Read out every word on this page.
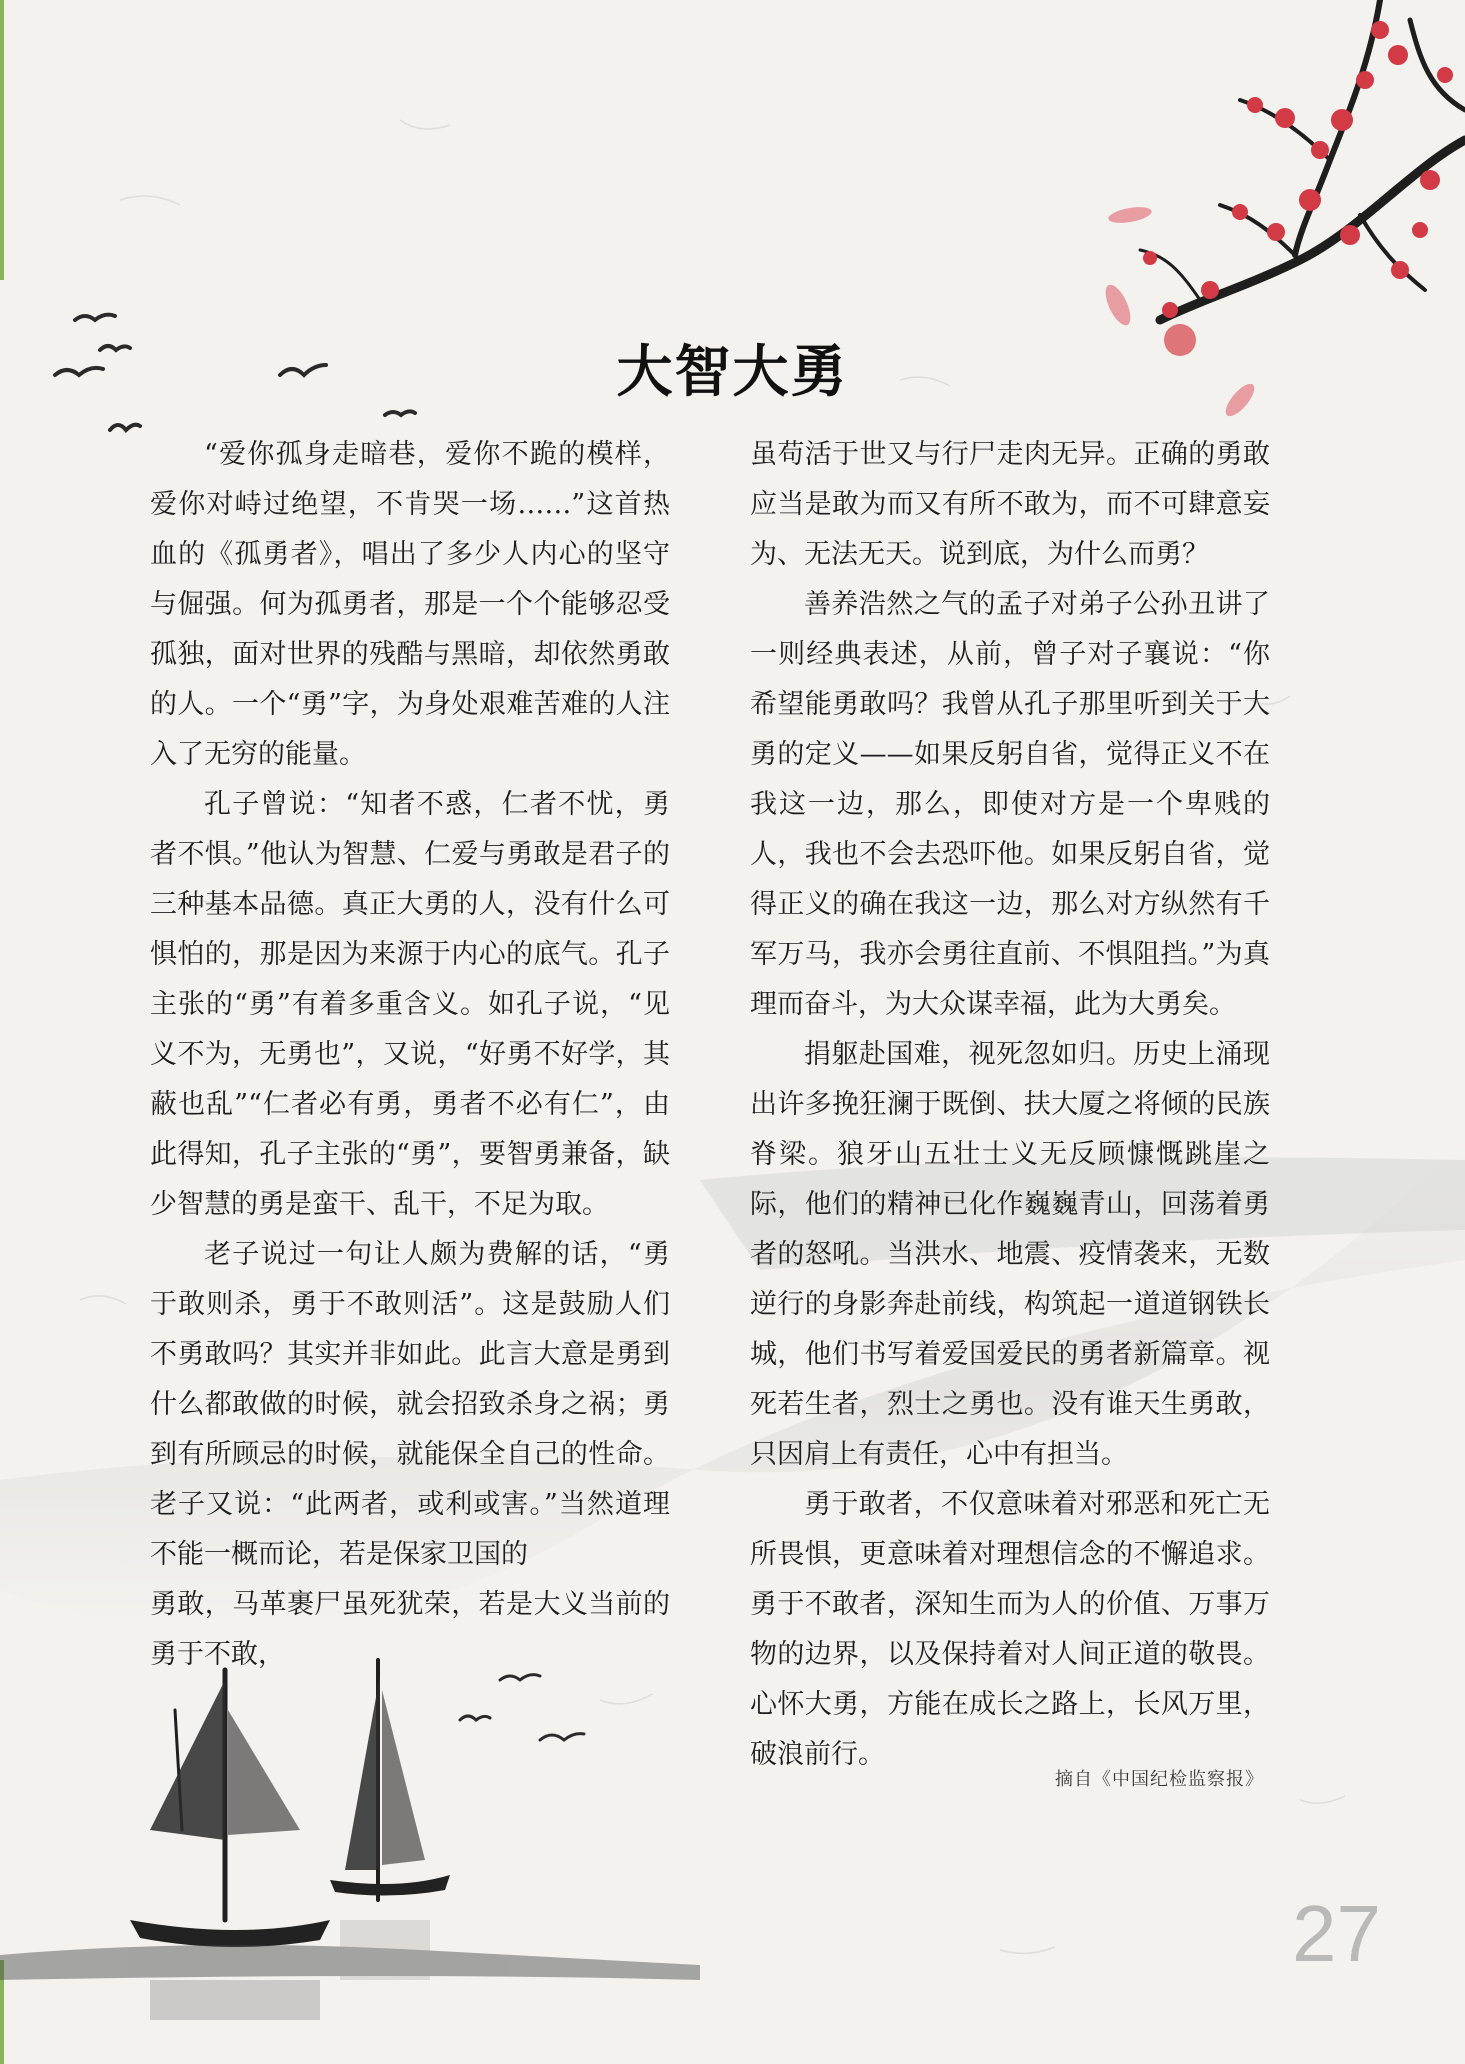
大智大勇

“爱你孤身走暗巷，爱你不跪的模样，爱你对峙过绝望，不肯哭一场……”这首热血的《孤勇者》，唱出了多少人内心的坚守与倔强。何为孤勇者，那是一个个能够忍受孤独，面对世界的残酷与黑暗，却依然勇敢的人。一个“勇”字，为身处艰难苦难的人注入了无穷的能量。

孔子曾说：“知者不惑，仁者不忧，勇者不惧。”他认为智慧、仁爱与勇敢是君子的三种基本品德。真正大勇的人，没有什么可惧怕的，那是因为来源于内心的底气。孔子主张的“勇”有着多重含义。如孔子说，“见义不为，无勇也”，又说，“好勇不好学，其蔽也乱”“仁者必有勇，勇者不必有仁”，由此得知，孔子主张的“勇”，要智勇兼备，缺少智慧的勇是蛮干、乱干，不足为取。

老子说过一句让人颇为费解的话，“勇于敢则杀，勇于不敢则活”。这是鼓励人们不勇敢吗？其实并非如此。此言大意是勇到什么都敢做的时候，就会招致杀身之祸；勇到有所顾忌的时候，就能保全自己的性命。老子又说：“此两者，或利或害。”当然道理不能一概而论，若是保家卫国的

勇敢，马革裹尸虽死犹荣，若是大义当前的勇于不敢，

虽苟活于世又与行尸走肉无异。正确的勇敢应当是敢为而又有所不敢为，而不可肆意妄为、无法无天。说到底，为什么而勇？

善养浩然之气的孟子对弟子公孙丑讲了一则经典表述，从前，曾子对子襄说：“你希望能勇敢吗？我曾从孔子那里听到关于大勇的定义——如果反躬自省，觉得正义不在我这一边，那么，即使对方是一个卑贱的人，我也不会去恐吓他。如果反躬自省，觉得正义的确在我这一边，那么对方纵然有千军万马，我亦会勇往直前、不惧阻挡。”为真理而奋斗，为大众谋幸福，此为大勇矣。

捐躯赴国难，视死忽如归。历史上涌现出许多挽狂澜于既倒、扶大厦之将倾的民族脊梁。狼牙山五壮士义无反顾慷慨跳崖之际，他们的精神已化作巍巍青山，回荡着勇者的怒吼。当洪水、地震、疫情袭来，无数逆行的身影奔赴前线，构筑起一道道钢铁长城，他们书写着爱国爱民的勇者新篇章。视死若生者，烈士之勇也。没有谁天生勇敢，只因肩上有责任，心中有担当。

勇于敢者，不仅意味着对邪恶和死亡无所畏惧，更意味着对理想信念的不懈追求。勇于不敢者，深知生而为人的价值、万事万物的边界，以及保持着对人间正道的敬畏。心怀大勇，方能在成长之路上，长风万里，破浪前行。

摘自《中国纪检监察报》
27
